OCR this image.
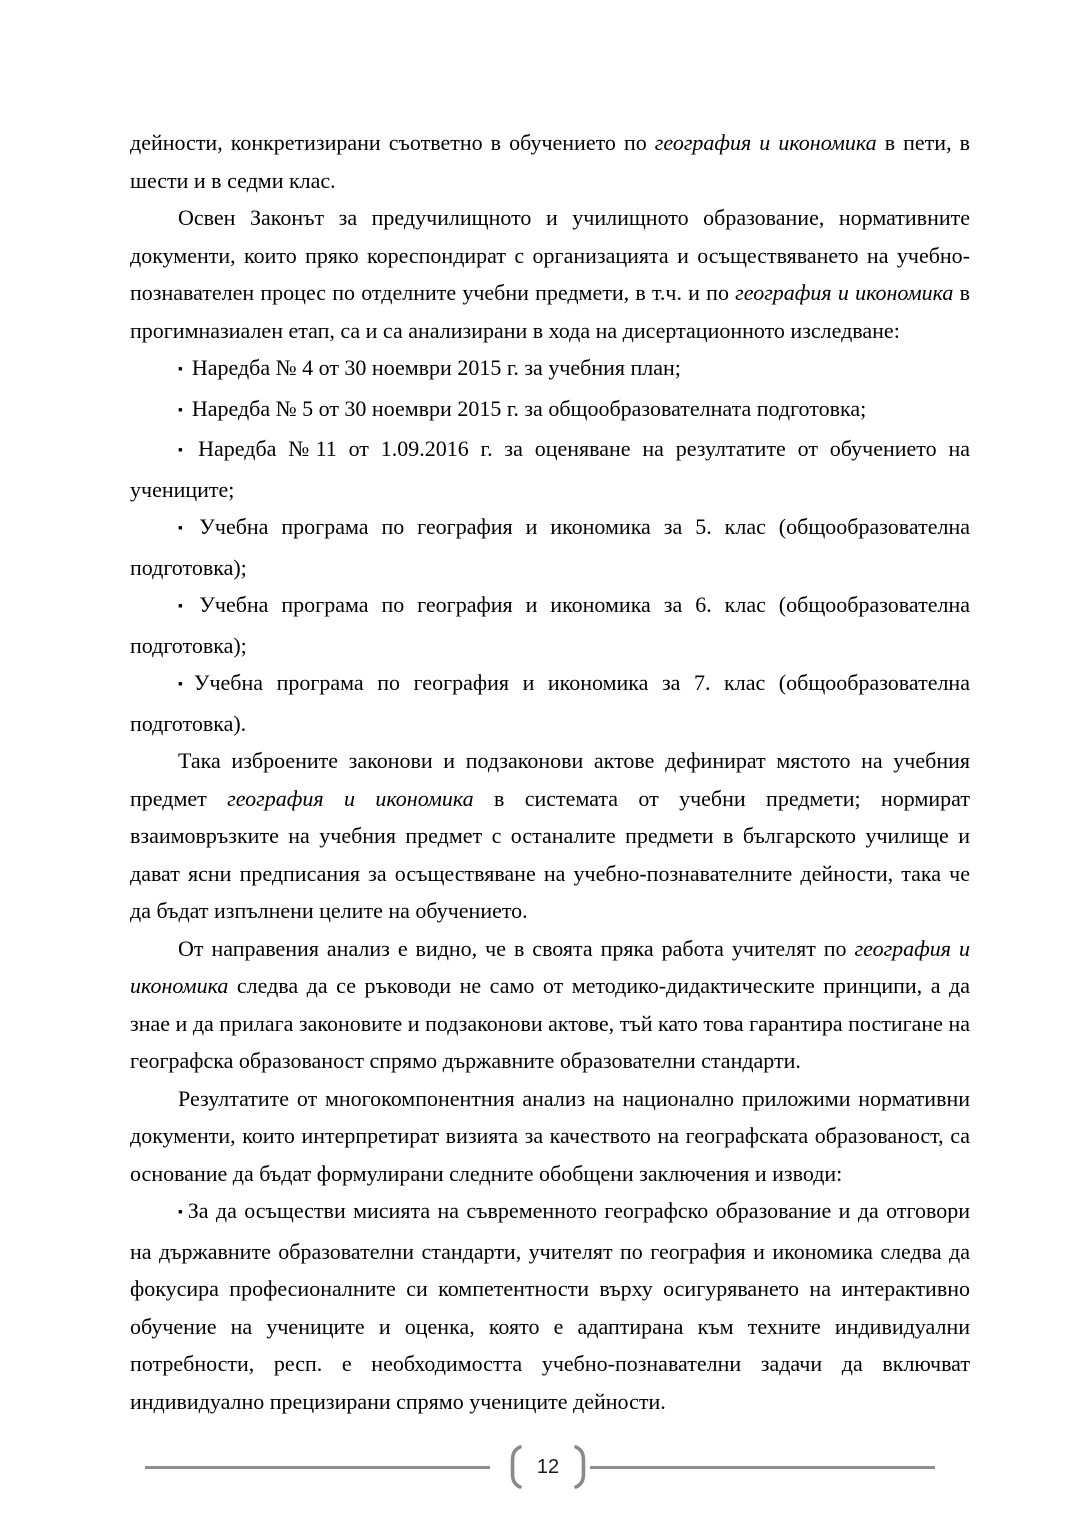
дейности, конкретизирани съответно в обучението по география и икономика в пети, в шести и в седми клас.

Освен Законът за предучилищното и училищното образование, нормативните документи, които пряко кореспондират с организацията и осъществяването на учебно-познавателен процес по отделните учебни предмети, в т.ч. и по география и икономика в прогимназиален етап, са и са анализирани в хода на дисертационното изследване:

▪ Наредба № 4 от 30 ноември 2015 г. за учебния план;

▪ Наредба № 5 от 30 ноември 2015 г. за общообразователната подготовка;

▪ Наредба №11 от 1.09.2016 г. за оценяване на резултатите от обучението на учениците;

▪ Учебна програма по география и икономика за 5. клас (общообразователна подготовка);

▪ Учебна програма по география и икономика за 6. клас (общообразователна подготовка);

▪ Учебна програма по география и икономика за 7. клас (общообразователна подготовка).

Така изброените законови и подзаконови актове дефинират мястото на учебния предмет география и икономика в системата от учебни предмети; нормират взаимовръзките на учебния предмет с останалите предмети в българското училище и дават ясни предписания за осъществяване на учебно-познавателните дейности, така че да бъдат изпълнени целите на обучението.

От направения анализ е видно, че в своята пряка работа учителят по география и икономика следва да се ръководи не само от методико-дидактическите принципи, а да знае и да прилага законовите и подзаконови актове, тъй като това гарантира постигане на географска образованост спрямо държавните образователни стандарти.

Резултатите от многокомпонентния анализ на национално приложими нормативни документи, които интерпретират визията за качеството на географската образованост, са основание да бъдат формулирани следните обобщени заключения и изводи:

▪ За да осъществи мисията на съвременното географско образование и да отговори на държавните образователни стандарти, учителят по география и икономика следва да фокусира професионалните си компетентности върху осигуряването на интерактивно обучение на учениците и оценка, която е адаптирана към техните индивидуални потребности, респ. е необходимостта учебно-познавателни задачи да включват индивидуално прецизирани спрямо учениците дейности.

12
